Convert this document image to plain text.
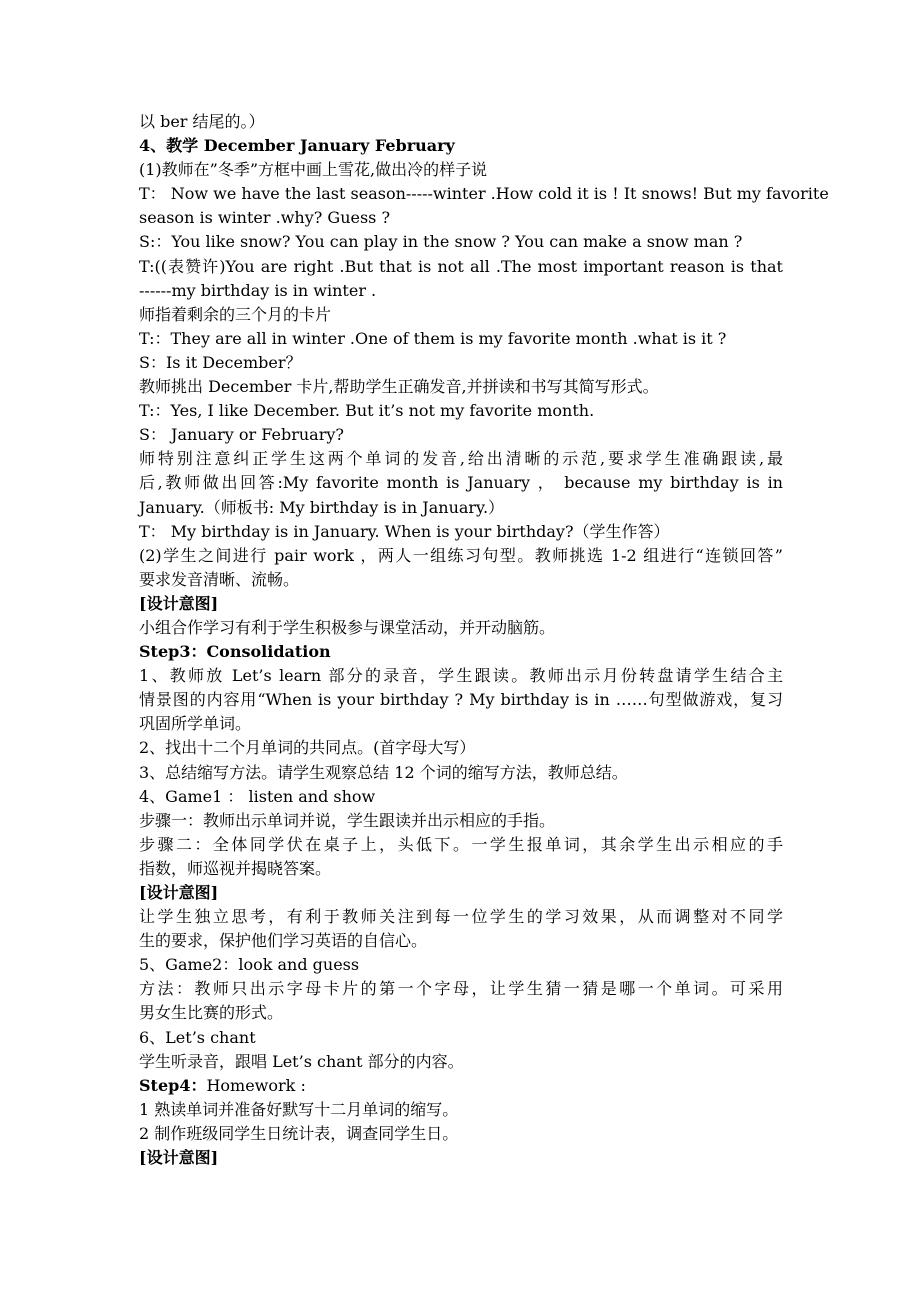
以 ber 结尾的。）
4、教学 December January February
(1)教师在”冬季”方框中画上雪花,做出冷的样子说
T： Now we have the last season-----winter .How cold it is ! It snows! But my favorite
season is winter .why? Guess ?
S:：You like snow? You can play in the snow ? You can make a snow man ?
T:((表赞许)You are right .But that is not all .The most important reason is that
------my birthday is in winter .
师指着剩余的三个月的卡片
T:：They are all in winter .One of them is my favorite month .what is it ?
S：Is it December？
教师挑出 December 卡片,帮助学生正确发音,并拼读和书写其简写形式。
T:：Yes, I like December. But it’s not my favorite month.
S： January or February?
师特别注意纠正学生这两个单词的发音,给出清晰的示范,要求学生准确跟读,最
后,教师做出回答:My favorite month is January ， because my birthday is in
January.（师板书: My birthday is in January.）
T： My birthday is in January. When is your birthday?（学生作答）
(2)学生之间进行 pair work ，两人一组练习句型。教师挑选 1-2 组进行“连锁回答”
要求发音清晰、流畅。
[设计意图]
小组合作学习有利于学生积极参与课堂活动，并开动脑筋。
Step3：Consolidation
1、教师放 Let’s learn 部分的录音，学生跟读。教师出示月份转盘请学生结合主
情景图的内容用“When is your birthday ? My birthday is in ……句型做游戏，复习
巩固所学单词。
2、找出十二个月单词的共同点。(首字母大写）
3、总结缩写方法。请学生观察总结 12 个词的缩写方法，教师总结。
4、Game1 ： listen and show
步骤一：教师出示单词并说，学生跟读并出示相应的手指。
步骤二：全体同学伏在桌子上，头低下。一学生报单词，其余学生出示相应的手
指数，师巡视并揭晓答案。
[设计意图]
让学生独立思考，有利于教师关注到每一位学生的学习效果，从而调整对不同学
生的要求，保护他们学习英语的自信心。
5、Game2：look and guess
方法：教师只出示字母卡片的第一个字母，让学生猜一猜是哪一个单词。可采用
男女生比赛的形式。
6、Let’s chant
学生听录音，跟唱 Let’s chant 部分的内容。
Step4：Homework :
1 熟读单词并准备好默写十二月单词的缩写。
2 制作班级同学生日统计表，调查同学生日。
[设计意图]
